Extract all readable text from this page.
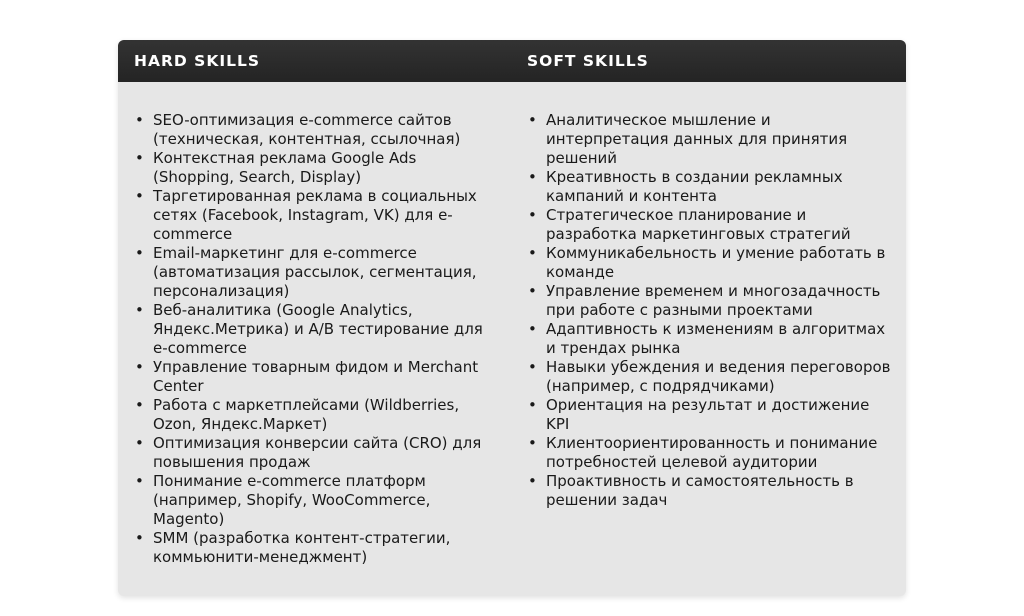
HARD SKILLS	SOFT SKILLS
• SEO-оптимизация e-commerce сайтов (техническая, контентная, ссылочная)
• Контекстная реклама Google Ads (Shopping, Search, Display)
• Таргетированная реклама в социальных сетях (Facebook, Instagram, VK) для e-commerce
• Email-маркетинг для e-commerce (автоматизация рассылок, сегментация, персонализация)
• Веб-аналитика (Google Analytics, Яндекс.Метрика) и A/B тестирование для e-commerce
• Управление товарным фидом и Merchant Center
• Работа с маркетплейсами (Wildberries, Ozon, Яндекс.Маркет)
• Оптимизация конверсии сайта (CRO) для повышения продаж
• Понимание e-commerce платформ (например, Shopify, WooCommerce, Magento)
• SMM (разработка контент-стратегии, коммьюнити-менеджмент)
• Аналитическое мышление и интерпретация данных для принятия решений
• Креативность в создании рекламных кампаний и контента
• Стратегическое планирование и разработка маркетинговых стратегий
• Коммуникабельность и умение работать в команде
• Управление временем и многозадачность при работе с разными проектами
• Адаптивность к изменениям в алгоритмах и трендах рынка
• Навыки убеждения и ведения переговоров (например, с подрядчиками)
• Ориентация на результат и достижение KPI
• Клиентоориентированность и понимание потребностей целевой аудитории
• Проактивность и самостоятельность в решении задач
